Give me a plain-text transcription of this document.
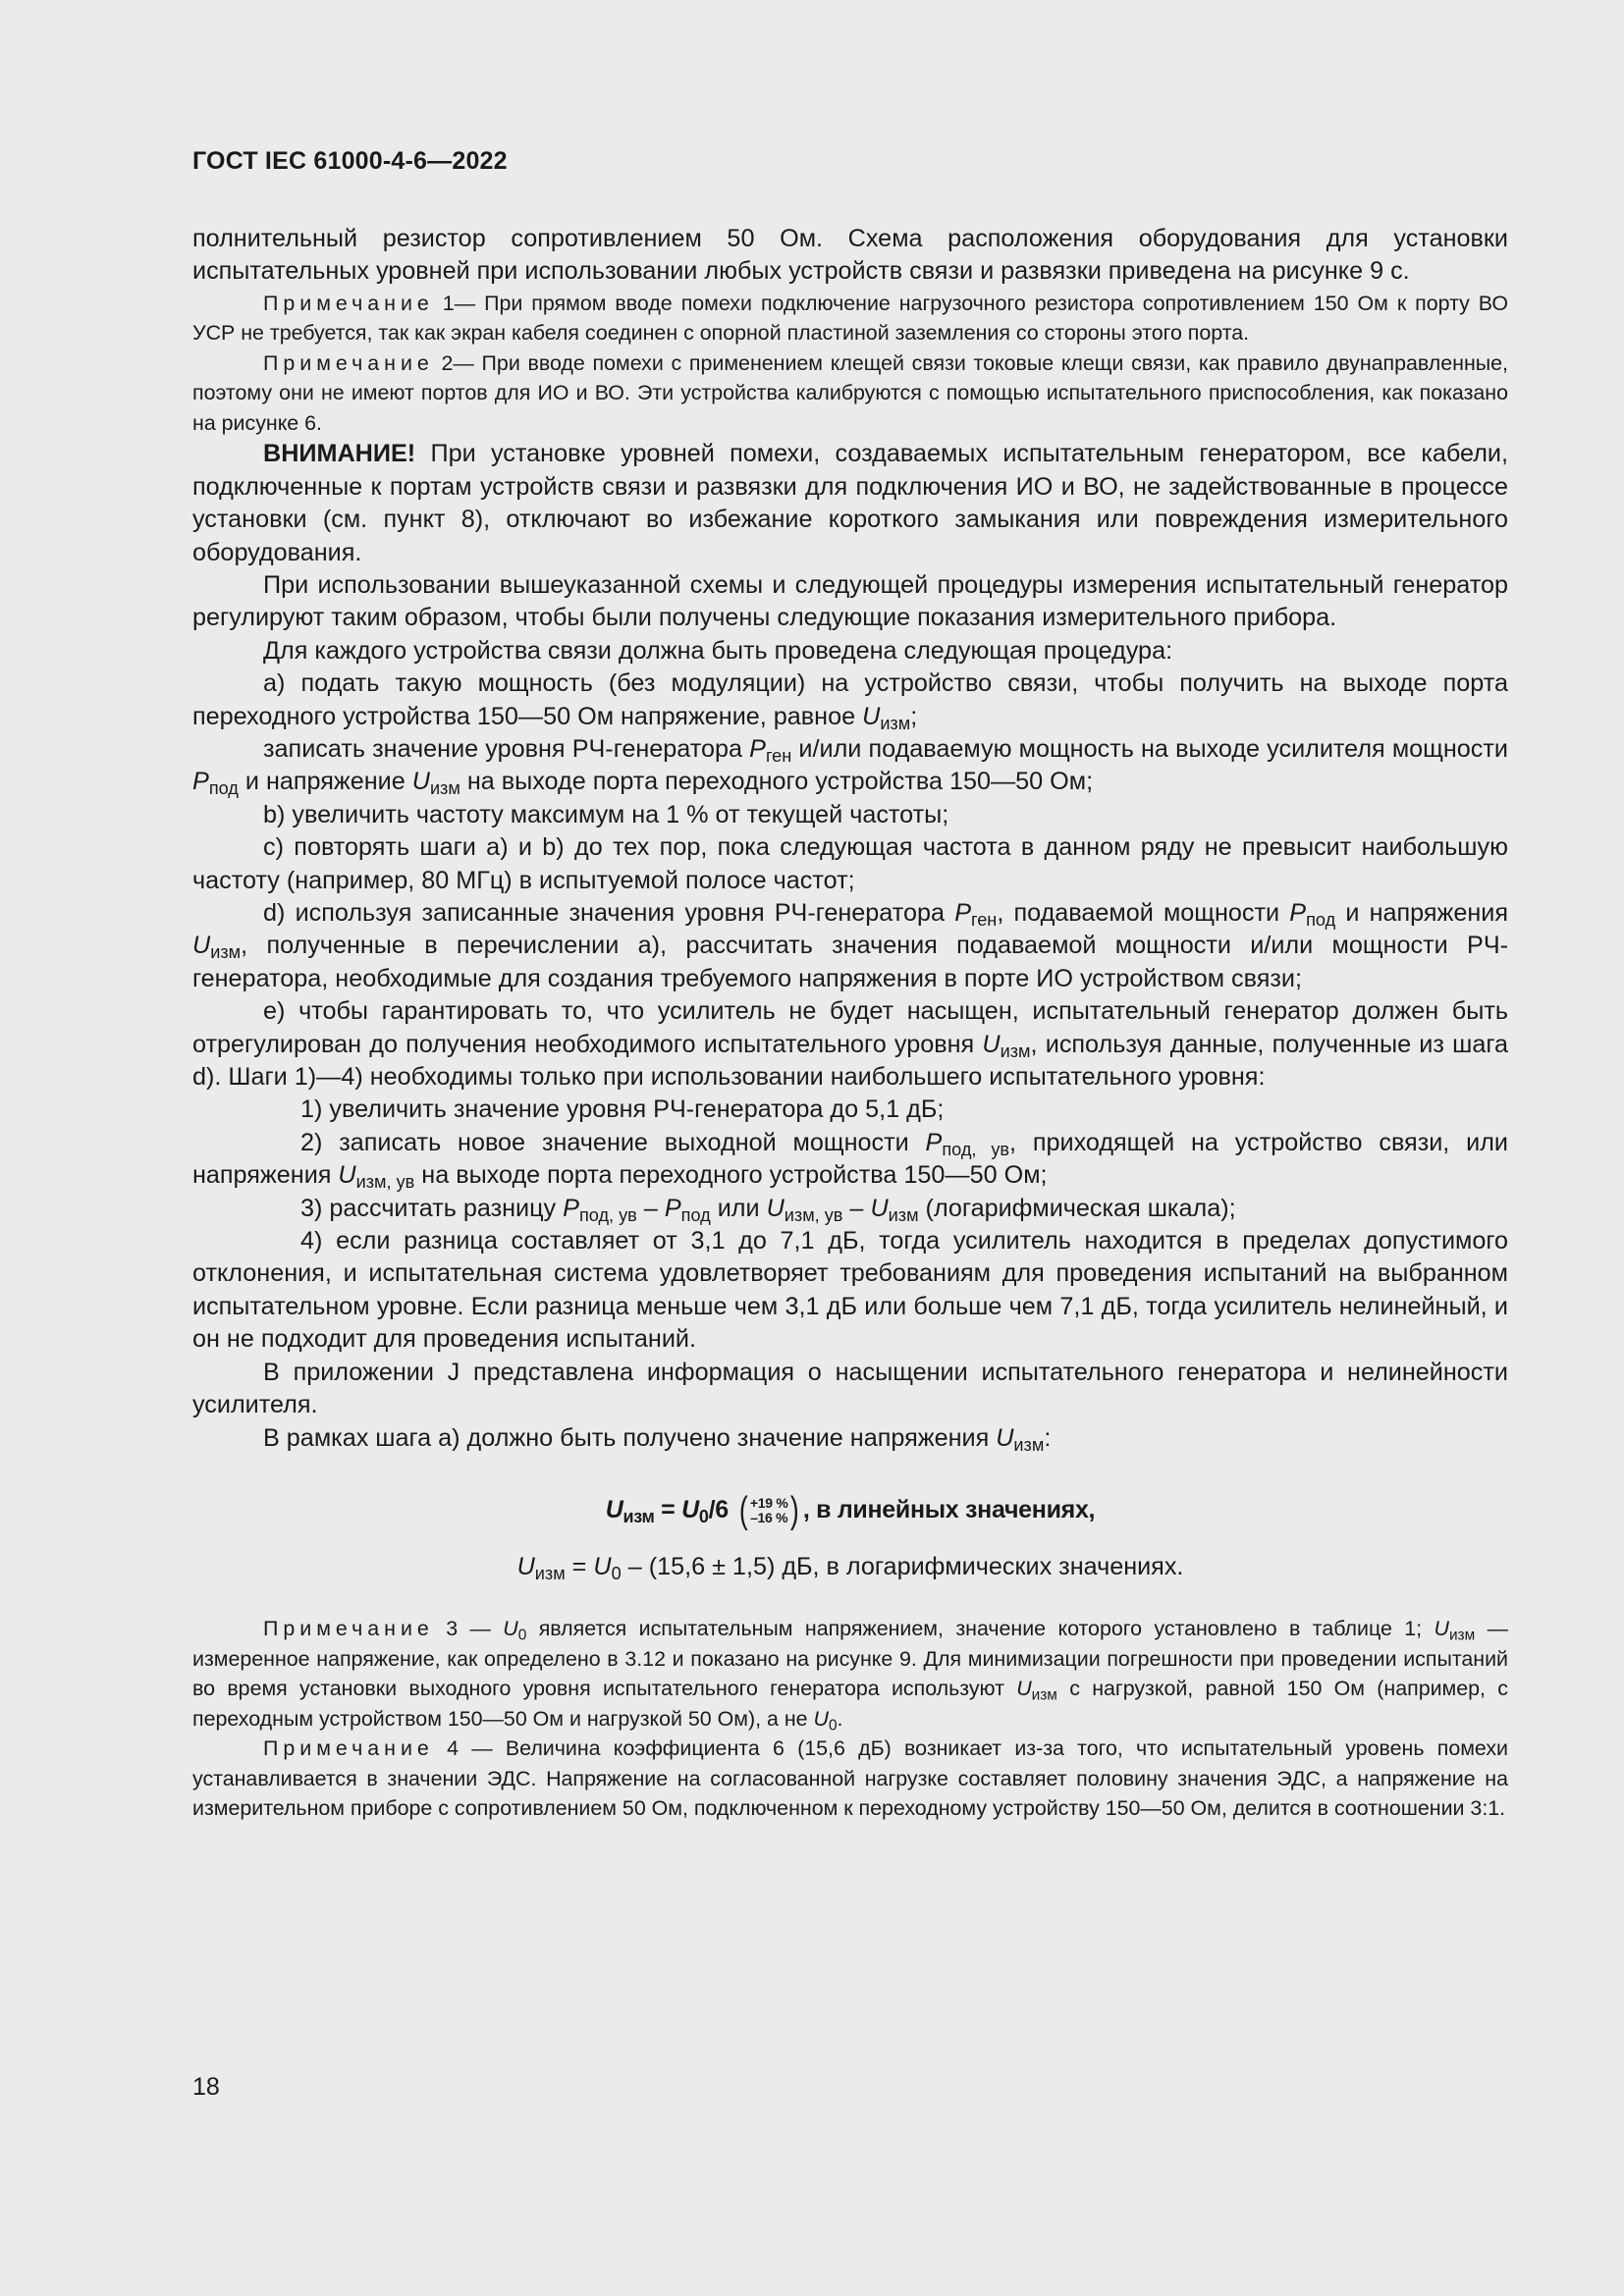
ГОСТ IEC 61000-4-6—2022

полнительный резистор сопротивлением 50 Ом. Схема расположения оборудования для установки испытательных уровней при использовании любых устройств связи и развязки приведена на рисунке 9 c.

Примечание 1— При прямом вводе помехи подключение нагрузочного резистора сопротивлением 150 Ом к порту ВО УСР не требуется, так как экран кабеля соединен с опорной пластиной заземления со стороны этого порта.

Примечание 2— При вводе помехи с применением клещей связи токовые клещи связи, как правило двунаправленные, поэтому они не имеют портов для ИО и ВО. Эти устройства калибруются с помощью испытательного приспособления, как показано на рисунке 6.

ВНИМАНИЕ! При установке уровней помехи, создаваемых испытательным генератором, все кабели, подключенные к портам устройств связи и развязки для подключения ИО и ВО, не задействованные в процессе установки (см. пункт 8), отключают во избежание короткого замыкания или повреждения измерительного оборудования.

При использовании вышеуказанной схемы и следующей процедуры измерения испытательный генератор регулируют таким образом, чтобы были получены следующие показания измерительного прибора.

Для каждого устройства связи должна быть проведена следующая процедура:

a) подать такую мощность (без модуляции) на устройство связи, чтобы получить на выходе порта переходного устройства 150—50 Ом напряжение, равное $U_{изм}$;

записать значение уровня РЧ-генератора $P_{ген}$ и/или подаваемую мощность на выходе усилителя мощности $P_{под}$ и напряжение $U_{изм}$ на выходе порта переходного устройства 150—50 Ом;

b) увеличить частоту максимум на 1 % от текущей частоты;

c) повторять шаги a) и b) до тех пор, пока следующая частота в данном ряду не превысит наибольшую частоту (например, 80 МГц) в испытуемой полосе частот;

d) используя записанные значения уровня РЧ-генератора $P_{ген}$, подаваемой мощности $P_{под}$ и напряжения $U_{изм}$, полученные в перечислении a), рассчитать значения подаваемой мощности и/или мощности РЧ-генератора, необходимые для создания требуемого напряжения в порте ИО устройством связи;

e) чтобы гарантировать то, что усилитель не будет насыщен, испытательный генератор должен быть отрегулирован до получения необходимого испытательного уровня $U_{изм}$, используя данные, полученные из шага d). Шаги 1)—4) необходимы только при использовании наибольшего испытательного уровня:

1) увеличить значение уровня РЧ-генератора до 5,1 дБ;

2) записать новое значение выходной мощности $P_{под, ув}$, приходящей на устройство связи, или напряжения $U_{изм, ув}$ на выходе порта переходного устройства 150—50 Ом;

3) рассчитать разницу $P_{под, ув} - P_{под}$ или $U_{изм, ув} - U_{изм}$ (логарифмическая шкала);

4) если разница составляет от 3,1 до 7,1 дБ, тогда усилитель находится в пределах допустимого отклонения, и испытательная система удовлетворяет требованиям для проведения испытаний на выбранном испытательном уровне. Если разница меньше чем 3,1 дБ или больше чем 7,1 дБ, тогда усилитель нелинейный, и он не подходит для проведения испытаний.

В приложении J представлена информация о насыщении испытательного генератора и нелинейности усилителя.

В рамках шага a) должно быть получено значение напряжения $U_{изм}$:

$U_{изм} = U_0/6$ ( +19 %
–16 % ) , в линейных значениях,
$U_{изм} = U_0 - (15,6 \pm 1,5)$ дБ, в логарифмических значениях.

Примечание 3 — $U_0$ является испытательным напряжением, значение которого установлено в таблице 1; $U_{изм}$ — измеренное напряжение, как определено в 3.12 и показано на рисунке 9. Для минимизации погрешности при проведении испытаний во время установки выходного уровня испытательного генератора используют $U_{изм}$ с нагрузкой, равной 150 Ом (например, с переходным устройством 150—50 Ом и нагрузкой 50 Ом), а не $U_0$.

Примечание 4 — Величина коэффициента 6 (15,6 дБ) возникает из-за того, что испытательный уровень помехи устанавливается в значении ЭДС. Напряжение на согласованной нагрузке составляет половину значения ЭДС, а напряжение на измерительном приборе с сопротивлением 50 Ом, подключенном к переходному устройству 150—50 Ом, делится в соотношении 3:1.

18
